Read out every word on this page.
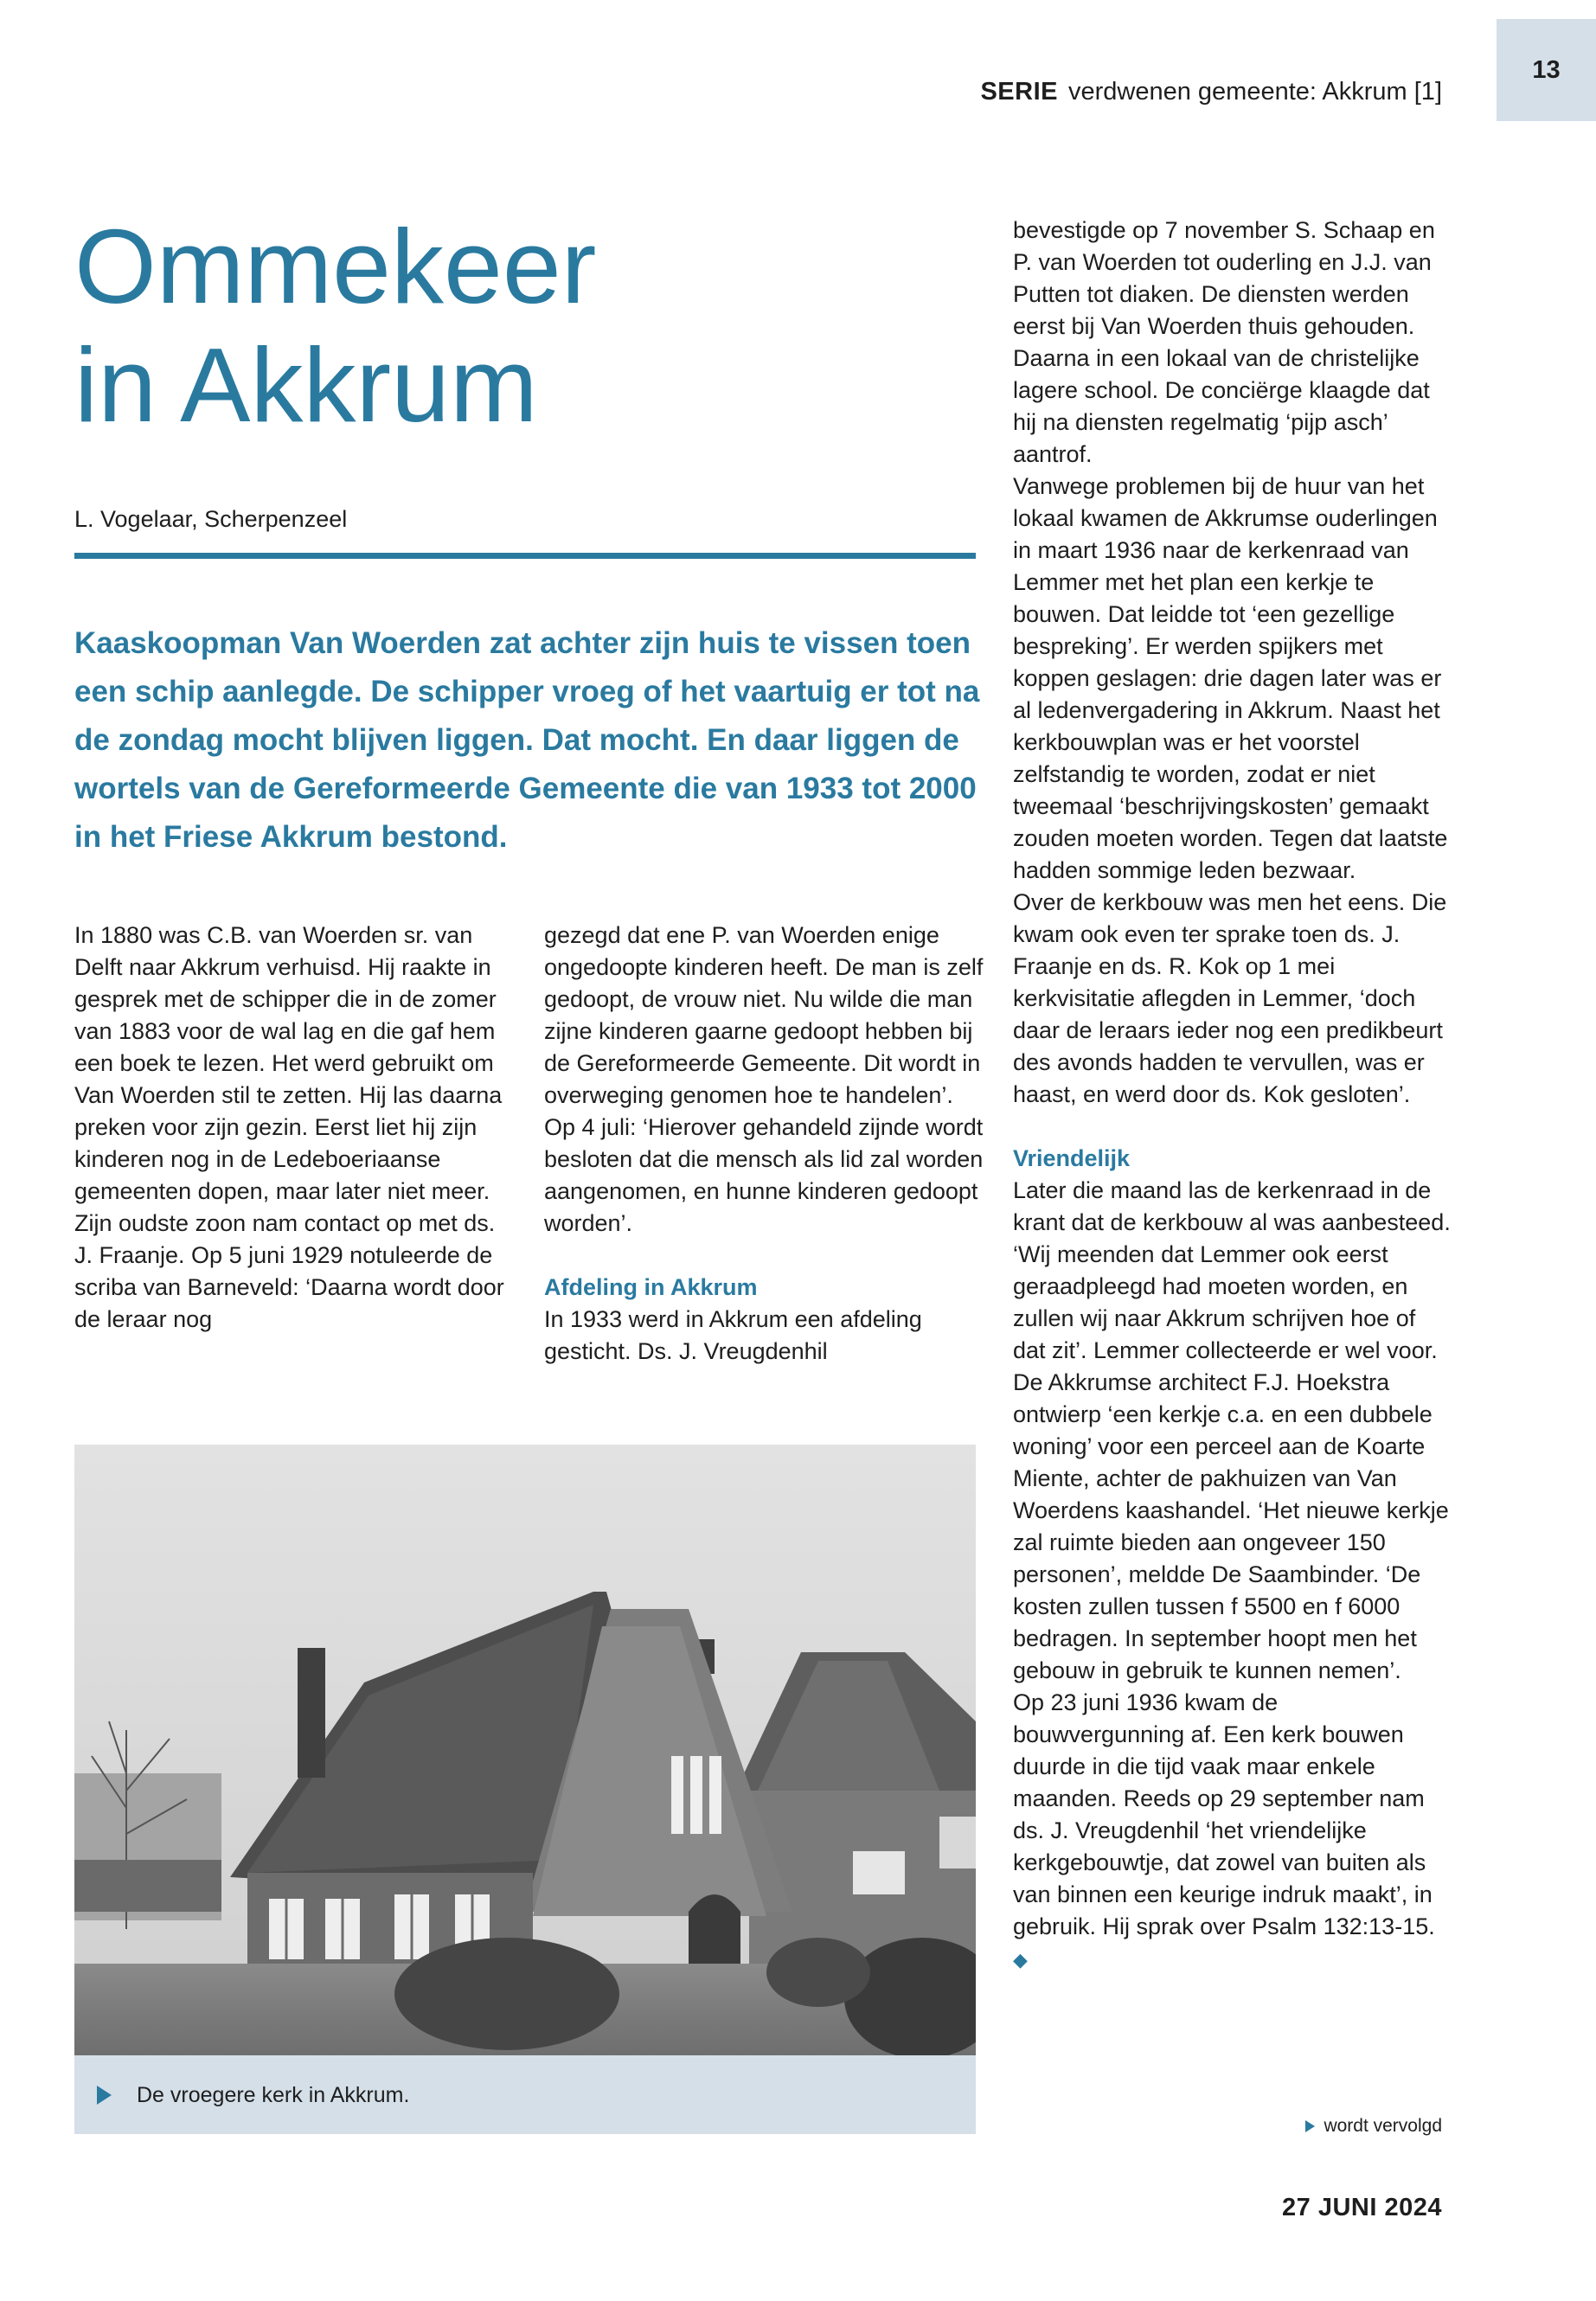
SERIE verdwenen gemeente: Akkrum [1]
13
Ommekeer
in Akkrum
L. Vogelaar, Scherpenzeel

Kaaskoopman Van Woerden zat achter zijn huis te vissen toen een schip aanlegde. De schipper vroeg of het vaartuig er tot na de zondag mocht blijven liggen. Dat mocht. En daar liggen de wortels van de Gereformeerde Gemeente die van 1933 tot 2000 in het Friese Akkrum bestond.

In 1880 was C.B. van Woerden sr. van Delft naar Akkrum verhuisd. Hij raakte in gesprek met de schipper die in de zomer van 1883 voor de wal lag en die gaf hem een boek te lezen. Het werd gebruikt om Van Woerden stil te zetten. Hij las daarna preken voor zijn gezin. Eerst liet hij zijn kinderen nog in de Ledeboeriaanse gemeenten dopen, maar later niet meer.

Zijn oudste zoon nam contact op met ds. J. Fraanje. Op 5 juni 1929 notuleerde de scriba van Barneveld: ‘Daarna wordt door de leraar nog

gezegd dat ene P. van Woerden enige ongedoopte kinderen heeft. De man is zelf gedoopt, de vrouw niet. Nu wilde die man zijne kinderen gaarne gedoopt hebben bij de Gereformeerde Gemeente. Dit wordt in overweging genomen hoe te handelen’. Op 4 juli: ‘Hierover gehandeld zijnde wordt besloten dat die mensch als lid zal worden aangenomen, en hunne kinderen gedoopt worden’.

Afdeling in Akkrum

In 1933 werd in Akkrum een afdeling gesticht. Ds. J. Vreugdenhil

bevestigde op 7 november S. Schaap en P. van Woerden tot ouderling en J.J. van Putten tot diaken. De diensten werden eerst bij Van Woerden thuis gehouden. Daarna in een lokaal van de christelijke lagere school. De conciërge klaagde dat hij na diensten regelmatig ‘pijp asch’ aantrof.

Vanwege problemen bij de huur van het lokaal kwamen de Akkrumse ouderlingen in maart 1936 naar de kerkenraad van Lemmer met het plan een kerkje te bouwen. Dat leidde tot ‘een gezellige bespreking’. Er werden spijkers met koppen geslagen: drie dagen later was er al ledenvergadering in Akkrum. Naast het kerkbouwplan was er het voorstel zelfstandig te worden, zodat er niet tweemaal ‘beschrijvingskosten’ gemaakt zouden moeten worden. Tegen dat laatste hadden sommige leden bezwaar.

Over de kerkbouw was men het eens. Die kwam ook even ter sprake toen ds. J. Fraanje en ds. R. Kok op 1 mei kerkvisitatie aflegden in Lemmer, ‘doch daar de leraars ieder nog een predikbeurt des avonds hadden te vervullen, was er haast, en werd door ds. Kok gesloten’.

Vriendelijk

Later die maand las de kerkenraad in de krant dat de kerkbouw al was aanbesteed. ‘Wij meenden dat Lemmer ook eerst geraadpleegd had moeten worden, en zullen wij naar Akkrum schrijven hoe of dat zit’. Lemmer collecteerde er wel voor.

De Akkrumse architect F.J. Hoekstra ontwierp ‘een kerkje c.a. en een dubbele woning’ voor een perceel aan de Koarte Miente, achter de pakhuizen van Van Woerdens kaashandel. ‘Het nieuwe kerkje zal ruimte bieden aan ongeveer 150 personen’, meldde De Saambinder. ‘De kosten zullen tussen f 5500 en f 6000 bedragen. In september hoopt men het gebouw in gebruik te kunnen nemen’.

Op 23 juni 1936 kwam de bouwvergunning af. Een kerk bouwen duurde in die tijd vaak maar enkele maanden. Reeds op 29 september nam ds. J. Vreugdenhil ‘het vriendelijke kerkgebouwtje, dat zowel van buiten als van binnen een keurige indruk maakt’, in gebruik. Hij sprak over Psalm 132:13-15. ◆

De vroegere kerk in Akkrum.
wordt vervolgd
27 JUNI 2024
